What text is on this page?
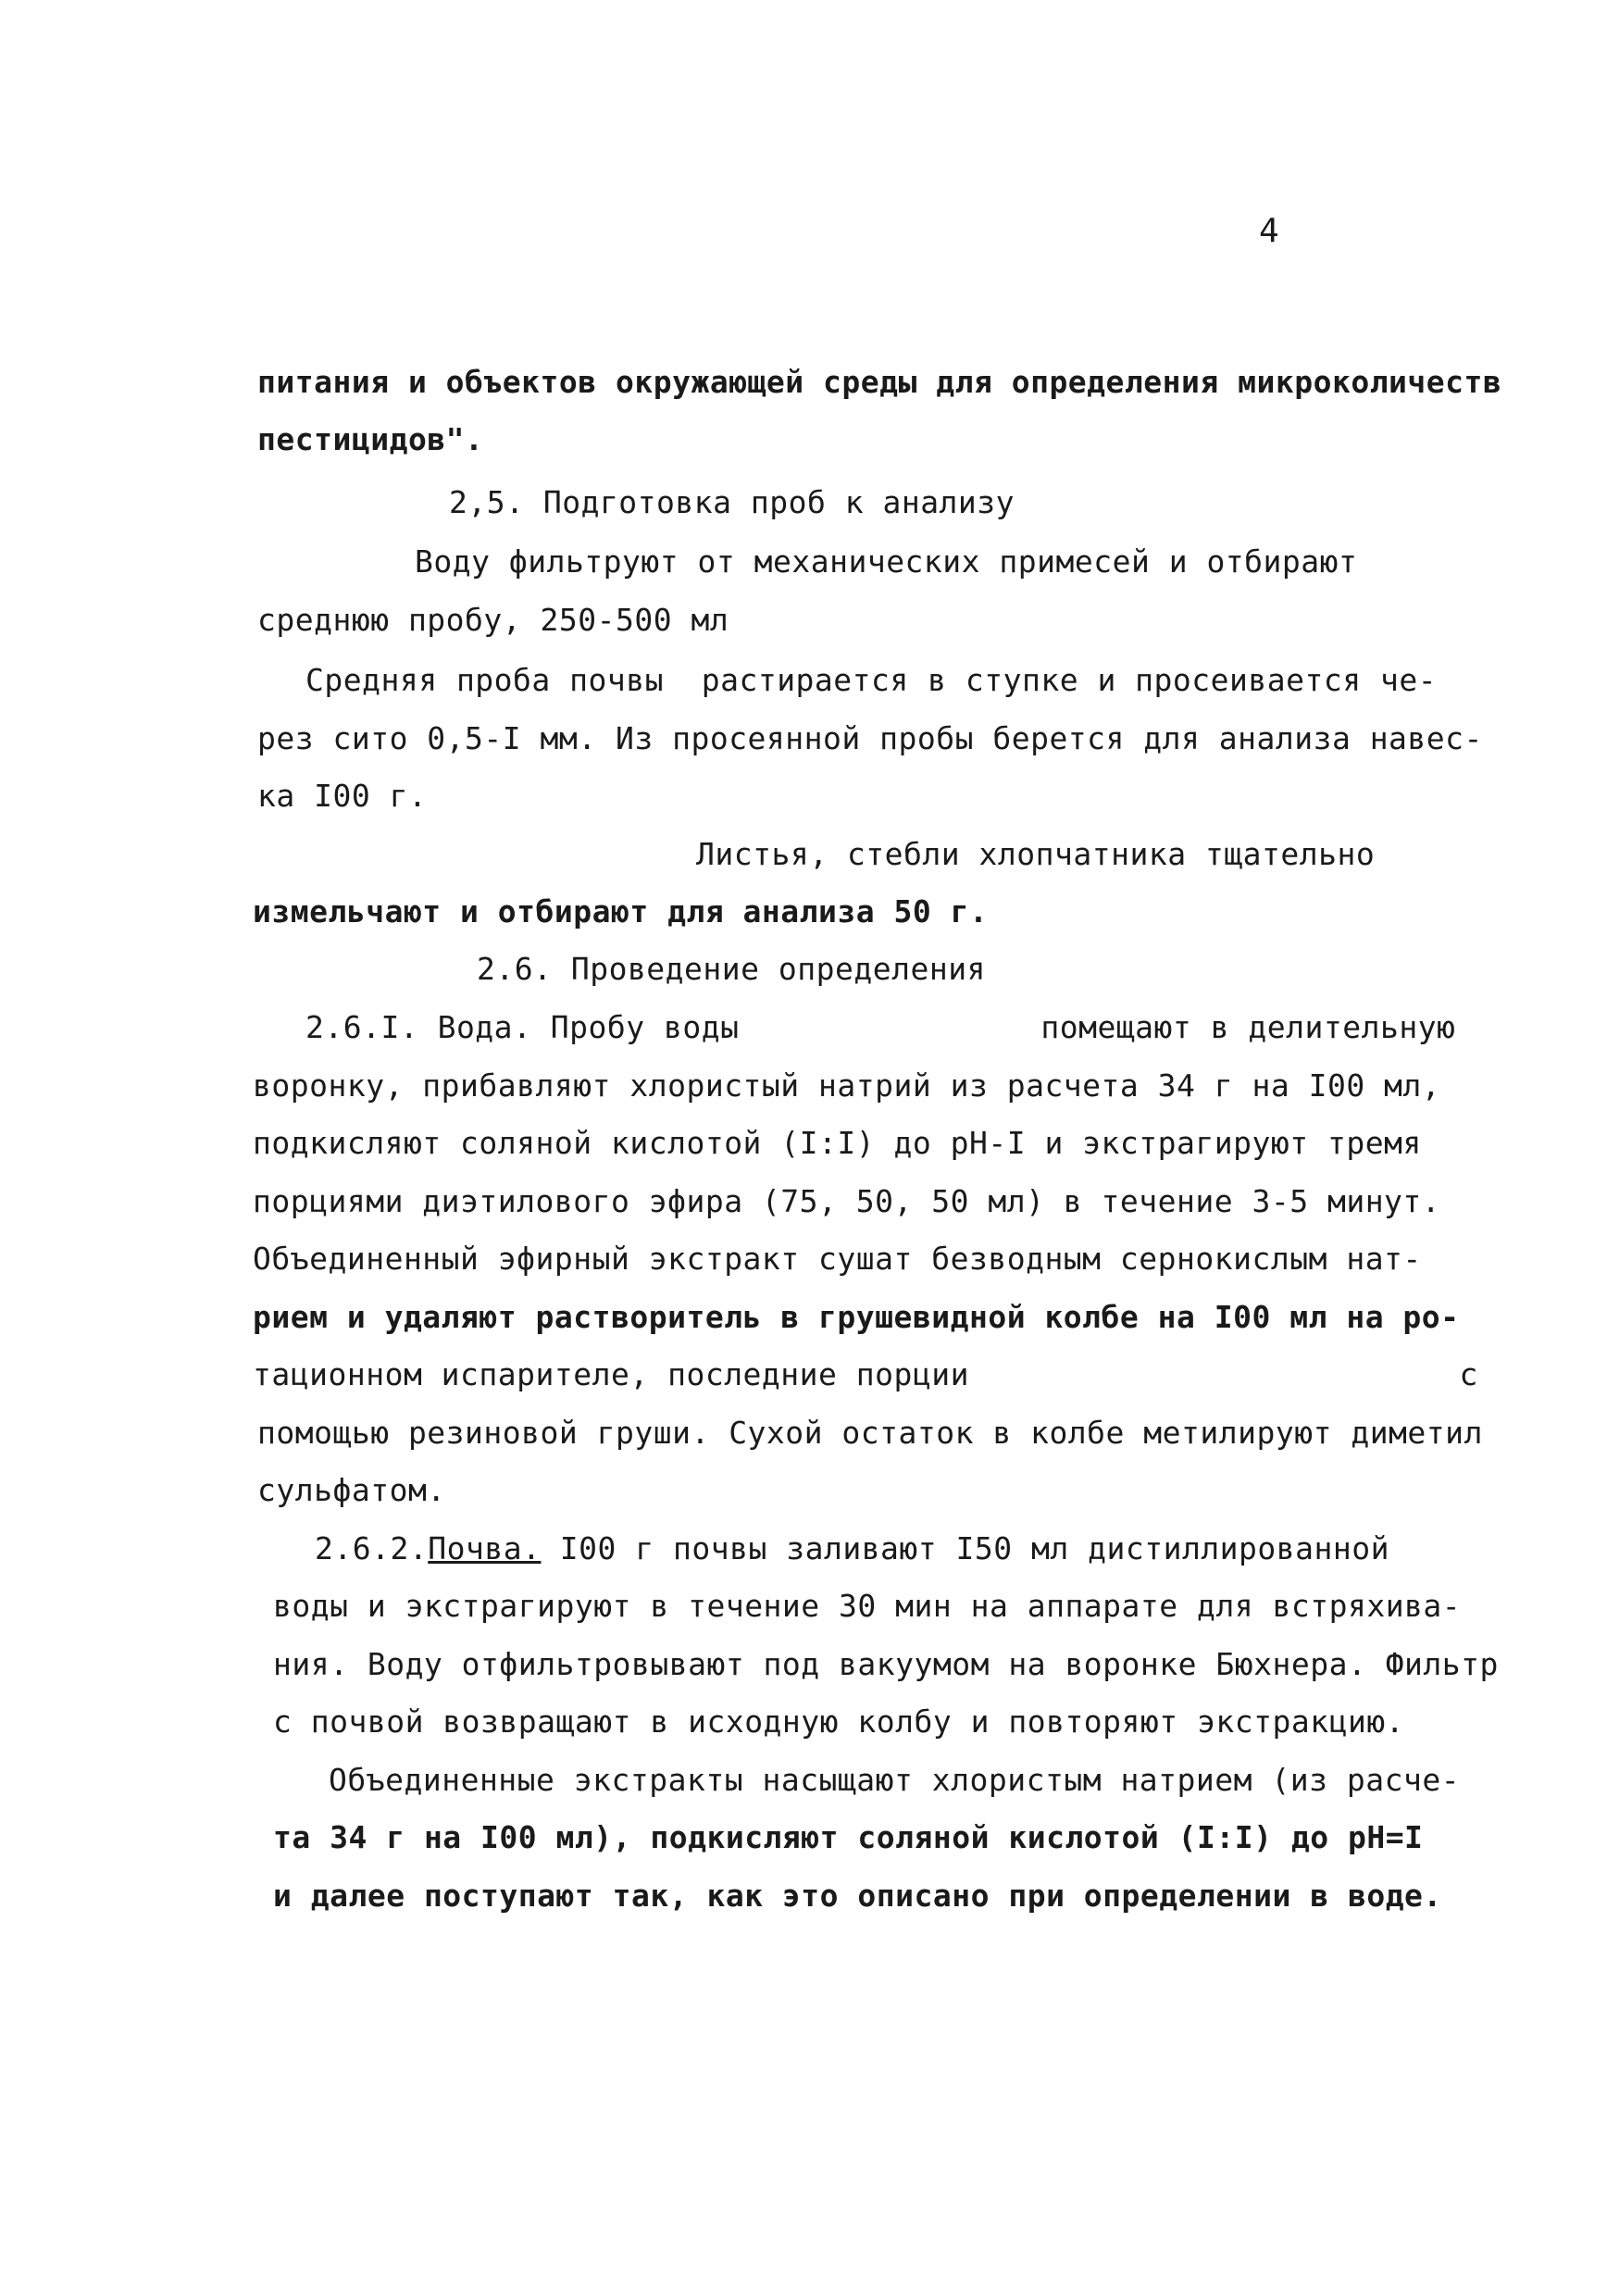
4
питания и объектов окружающей среды для определения микроколичеств
пестицидов".
2,5. Подготовка проб к анализу
Воду фильтруют от механических примесей и отбирают
среднюю пробу, 250-500 мл
Средняя проба почвы  растирается в ступке и просеивается че-
рез сито 0,5-I мм. Из просеянной пробы берется для анализа навес-
ка I00 г.
Листья, стебли хлопчатника тщательно
измельчают и отбирают для анализа 50 г.
2.6. Проведение определения
2.6.I. Вода. Пробу воды                помещают в делительную
воронку, прибавляют хлористый натрий из расчета 34 г на I00 мл,
подкисляют соляной кислотой (I:I) до pH-I и экстрагируют тремя
порциями диэтилового эфира (75, 50, 50 мл) в течение 3-5 минут.
Объединенный эфирный экстракт сушат безводным сернокислым нат-
рием и удаляют растворитель в грушевидной колбе на I00 мл на ро-
тационном испарителе, последние порции                          с
помощью резиновой груши. Сухой остаток в колбе метилируют диметил
сульфатом.
2.6.2.Почва. I00 г почвы заливают I50 мл дистиллированной
воды и экстрагируют в течение 30 мин на аппарате для встряхива-
ния. Воду отфильтровывают под вакуумом на воронке Бюхнера. Фильтр
с почвой возвращают в исходную колбу и повторяют экстракцию.
Объединенные экстракты насыщают хлористым натрием (из расче-
та 34 г на I00 мл), подкисляют соляной кислотой (I:I) до pH=I
и далее поступают так, как это описано при определении в воде.
